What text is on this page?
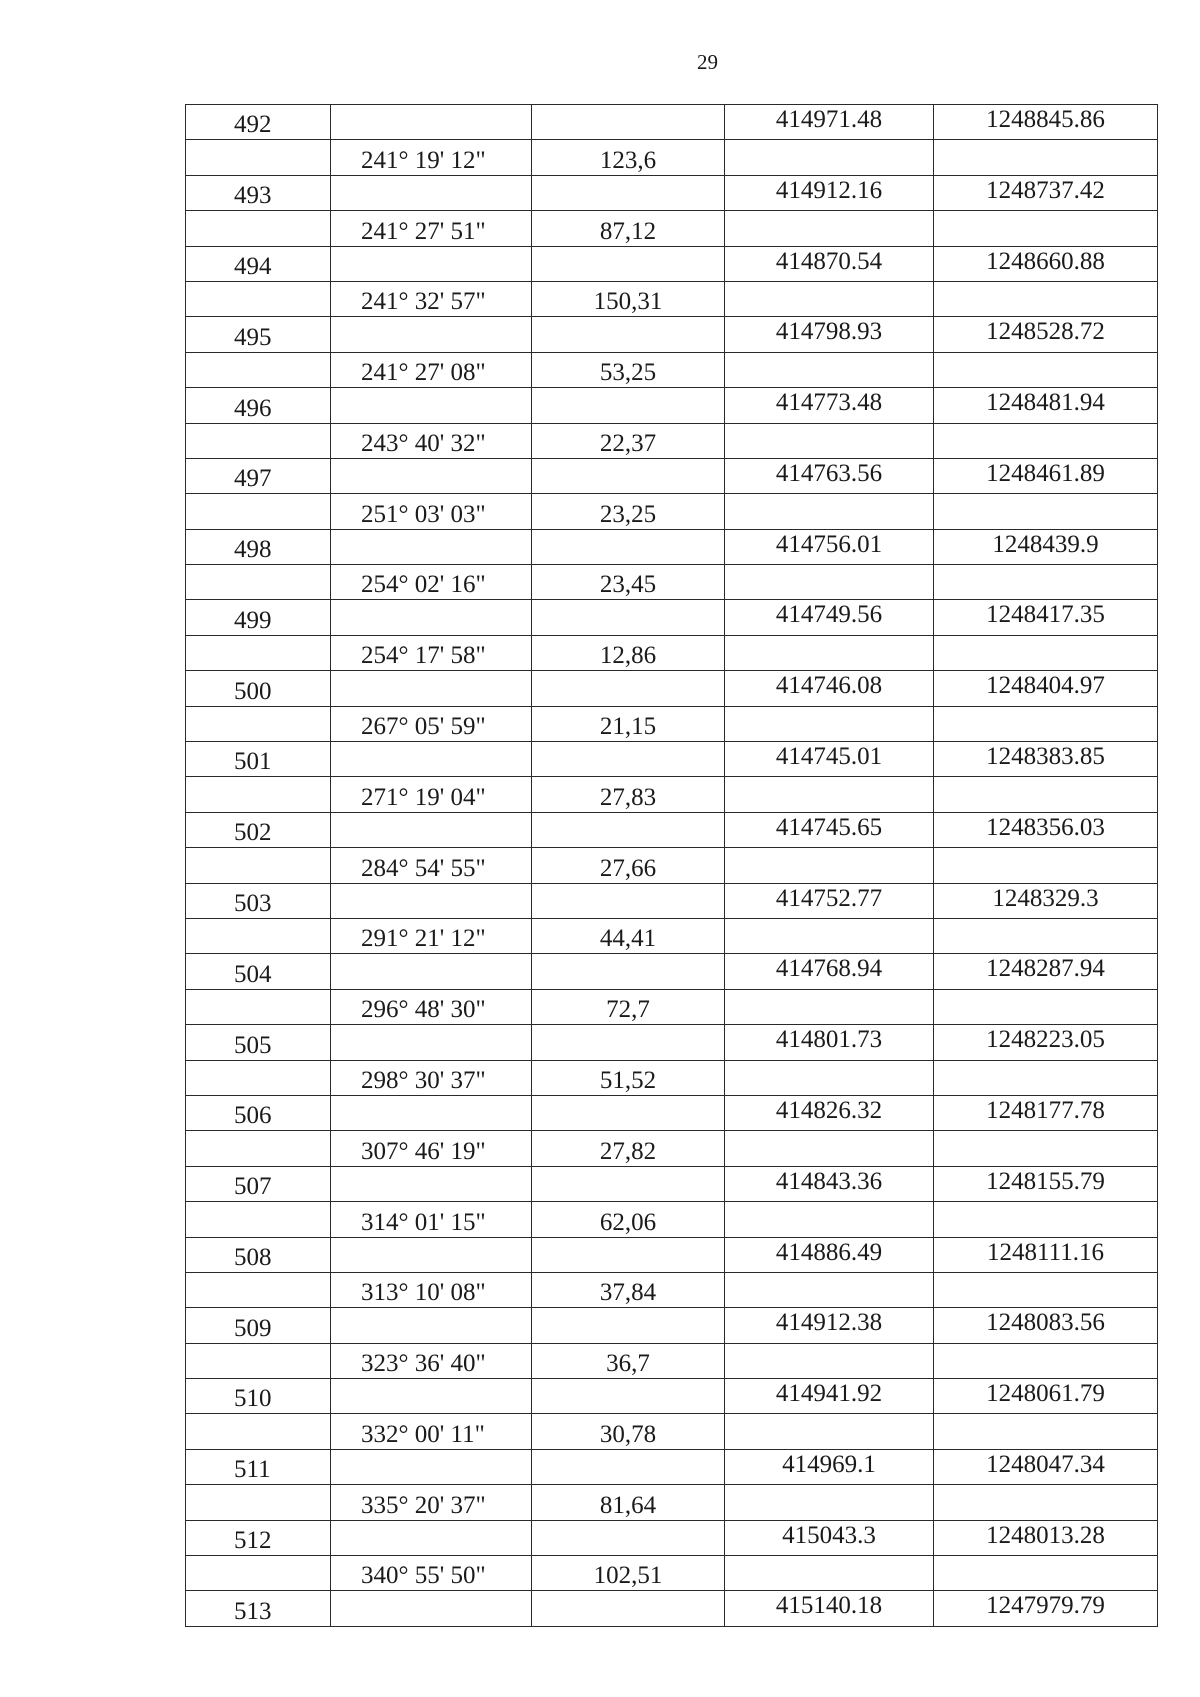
29
492			414971.48	1248845.86
	241° 19' 12"	123,6		
493			414912.16	1248737.42
	241° 27' 51"	87,12		
494			414870.54	1248660.88
	241° 32' 57"	150,31		
495			414798.93	1248528.72
	241° 27' 08"	53,25		
496			414773.48	1248481.94
	243° 40' 32"	22,37		
497			414763.56	1248461.89
	251° 03' 03"	23,25		
498			414756.01	1248439.9
	254° 02' 16"	23,45		
499			414749.56	1248417.35
	254° 17' 58"	12,86		
500			414746.08	1248404.97
	267° 05' 59"	21,15		
501			414745.01	1248383.85
	271° 19' 04"	27,83		
502			414745.65	1248356.03
	284° 54' 55"	27,66		
503			414752.77	1248329.3
	291° 21' 12"	44,41		
504			414768.94	1248287.94
	296° 48' 30"	72,7		
505			414801.73	1248223.05
	298° 30' 37"	51,52		
506			414826.32	1248177.78
	307° 46' 19"	27,82		
507			414843.36	1248155.79
	314° 01' 15"	62,06		
508			414886.49	1248111.16
	313° 10' 08"	37,84		
509			414912.38	1248083.56
	323° 36' 40"	36,7		
510			414941.92	1248061.79
	332° 00' 11"	30,78		
511			414969.1	1248047.34
	335° 20' 37"	81,64		
512			415043.3	1248013.28
	340° 55' 50"	102,51		
513			415140.18	1247979.79
